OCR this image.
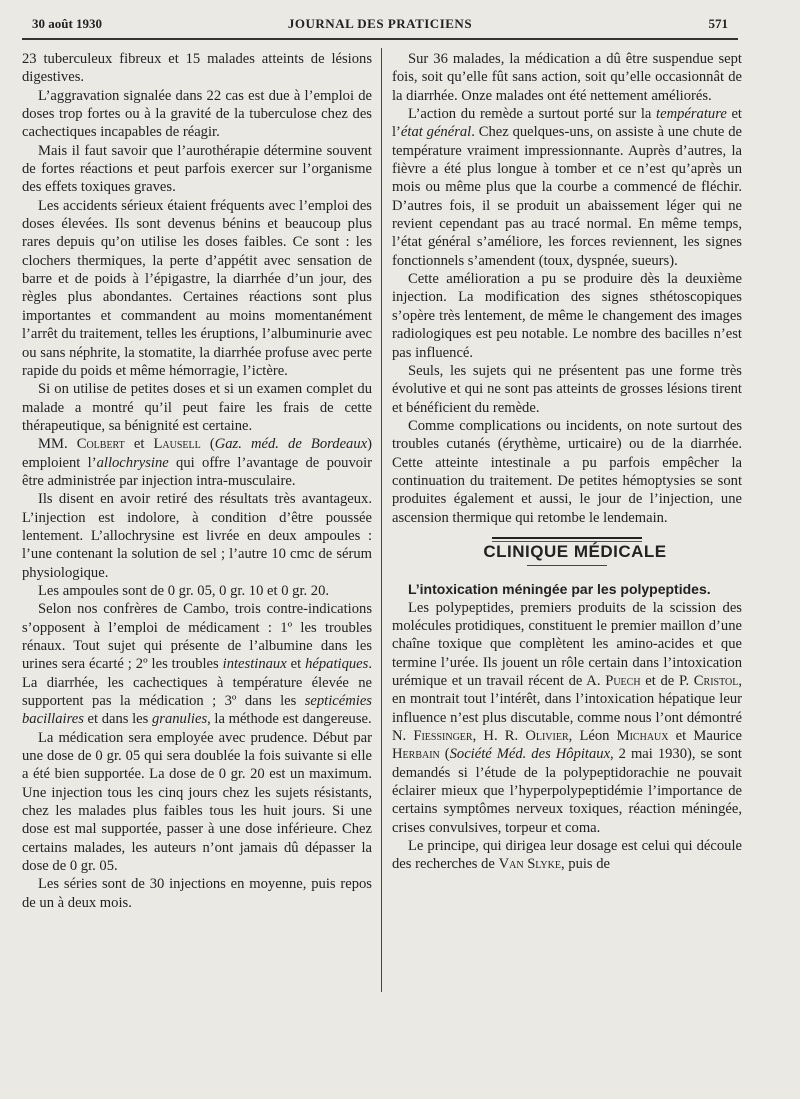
30 août 1930	JOURNAL DES PRATICIENS	571

23 tuberculeux fibreux et 15 malades atteints de lésions digestives.

L’aggravation signalée dans 22 cas est due à l’emploi de doses trop fortes ou à la gravité de la tuberculose chez des cachectiques incapables de réagir.

Mais il faut savoir que l’aurothérapie détermine souvent de fortes réactions et peut parfois exercer sur l’organisme des effets toxiques graves.

Les accidents sérieux étaient fréquents avec l’emploi des doses élevées. Ils sont devenus bénins et beaucoup plus rares depuis qu’on utilise les doses faibles. Ce sont : les clochers thermiques, la perte d’appétit avec sensation de barre et de poids à l’épigastre, la diarrhée d’un jour, des règles plus abondantes. Certaines réactions sont plus importantes et commandent au moins momentanément l’arrêt du traitement, telles les éruptions, l’albuminurie avec ou sans néphrite, la stomatite, la diarrhée profuse avec perte rapide du poids et même hémorragie, l’ictère.

Si on utilise de petites doses et si un examen complet du malade a montré qu’il peut faire les frais de cette thérapeutique, sa bénignité est certaine.

MM. Colbert et Lausell (Gaz. méd. de Bordeaux) emploient l’allochrysine qui offre l’avantage de pouvoir être administrée par injection intra-musculaire.

Ils disent en avoir retiré des résultats très avantageux. L’injection est indolore, à condition d’être poussée lentement. L’allochrysine est livrée en deux ampoules : l’une contenant la solution de sel ; l’autre 10 cmc de sérum physiologique.

Les ampoules sont de 0 gr. 05, 0 gr. 10 et 0 gr. 20.

Selon nos confrères de Cambo, trois contre-indications s’opposent à l’emploi de médicament : 1º les troubles rénaux. Tout sujet qui présente de l’albumine dans les urines sera écarté ; 2º les troubles intestinaux et hépatiques. La diarrhée, les cachectiques à température élevée ne supportent pas la médication ; 3º dans les septicémies bacillaires et dans les granulies, la méthode est dangereuse.

La médication sera employée avec prudence. Début par une dose de 0 gr. 05 qui sera doublée la fois suivante si elle a été bien supportée. La dose de 0 gr. 20 est un maximum. Une injection tous les cinq jours chez les sujets résistants, chez les malades plus faibles tous les huit jours. Si une dose est mal supportée, passer à une dose inférieure. Chez certains malades, les auteurs n’ont jamais dû dépasser la dose de 0 gr. 05.

Les séries sont de 30 injections en moyenne, puis repos de un à deux mois.

Sur 36 malades, la médication a dû être suspendue sept fois, soit qu’elle fût sans action, soit qu’elle occasionnât de la diarrhée. Onze malades ont été nettement améliorés.

L’action du remède a surtout porté sur la température et l’état général. Chez quelques-uns, on assiste à une chute de température vraiment impressionnante. Auprès d’autres, la fièvre a été plus longue à tomber et ce n’est qu’après un mois ou même plus que la courbe a commencé de fléchir. D’autres fois, il se produit un abaissement léger qui ne revient cependant pas au tracé normal. En même temps, l’état général s’améliore, les forces reviennent, les signes fonctionnels s’amendent (toux, dyspnée, sueurs).

Cette amélioration a pu se produire dès la deuxième injection. La modification des signes sthétoscopiques s’opère très lentement, de même le changement des images radiologiques est peu notable. Le nombre des bacilles n’est pas influencé.

Seuls, les sujets qui ne présentent pas une forme très évolutive et qui ne sont pas atteints de grosses lésions tirent et bénéficient du remède.

Comme complications ou incidents, on note surtout des troubles cutanés (érythème, urticaire) ou de la diarrhée. Cette atteinte intestinale a pu parfois empêcher la continuation du traitement. De petites hémoptysies se sont produites également et aussi, le jour de l’injection, une ascension thermique qui retombe le lendemain.

CLINIQUE MÉDICALE

L’intoxication méningée par les polypeptides.

Les polypeptides, premiers produits de la scission des molécules protidiques, constituent le premier maillon d’une chaîne toxique que complètent les amino-acides et que termine l’urée. Ils jouent un rôle certain dans l’intoxication urémique et un travail récent de A. Puech et de P. Cristol, en montrait tout l’intérêt, dans l’intoxication hépatique leur influence n’est plus discutable, comme nous l’ont démontré N. Fiessinger, H. R. Olivier, Léon Michaux et Maurice Herbain (Société Méd. des Hôpitaux, 2 mai 1930), se sont demandés si l’étude de la polypeptidorachie ne pouvait éclairer mieux que l’hyperpolypeptidémie l’importance de certains symptômes nerveux toxiques, réaction méningée, crises convulsives, torpeur et coma.

Le principe, qui dirigea leur dosage est celui qui découle des recherches de Van Slyke, puis de
